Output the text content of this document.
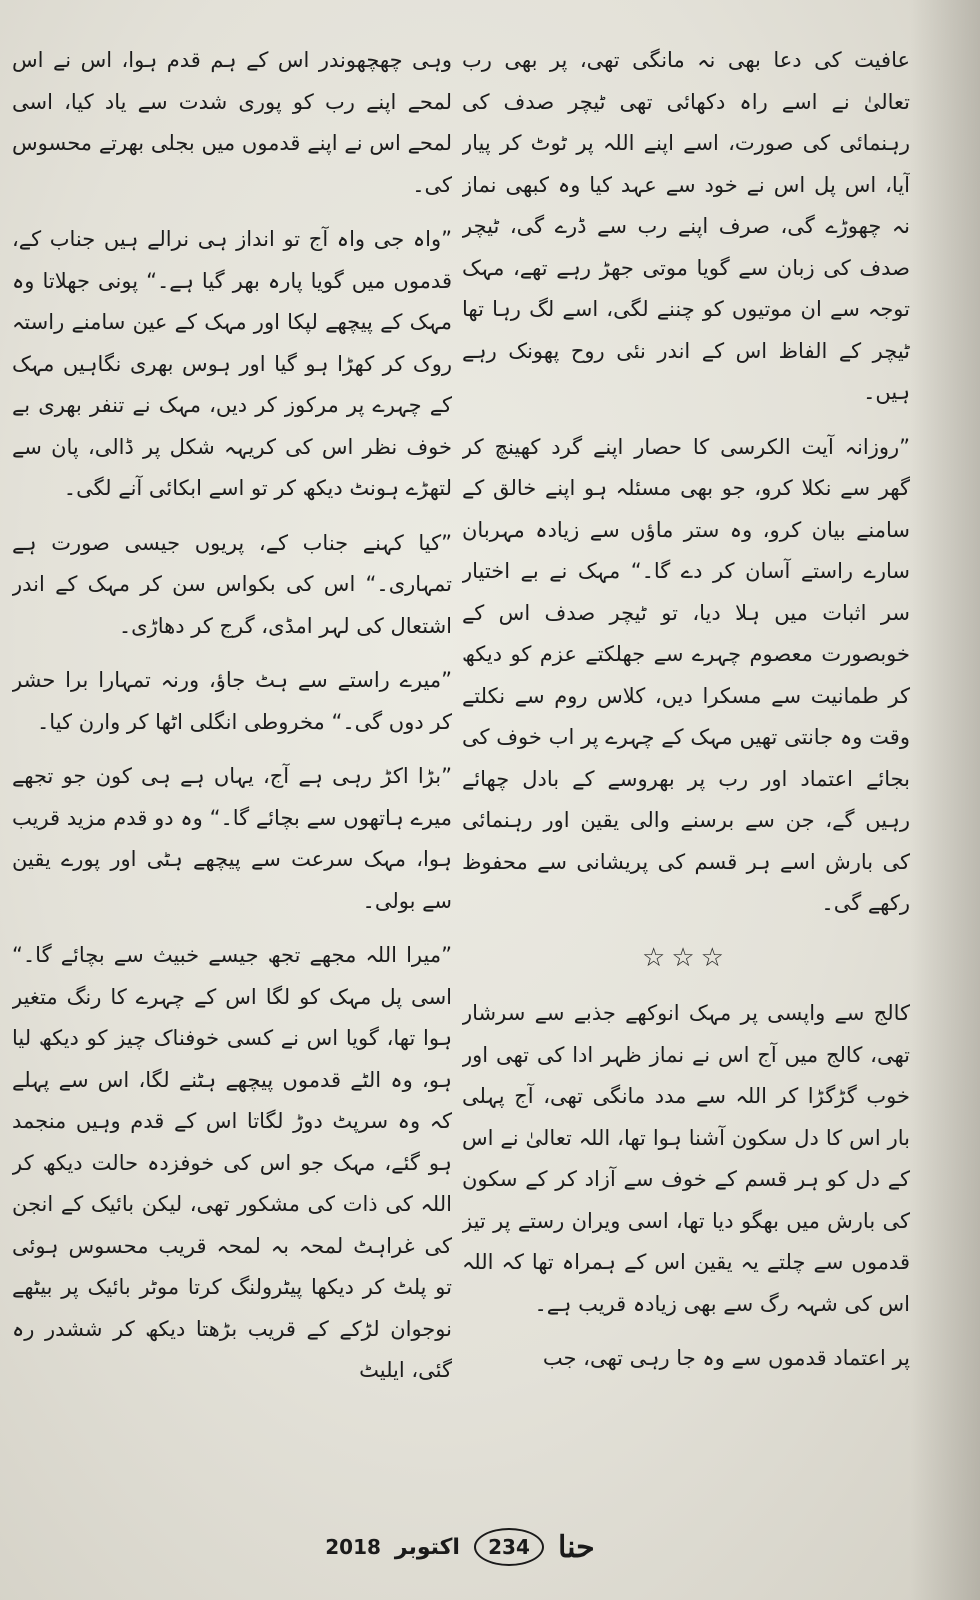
عافیت کی دعا بھی نہ مانگی تھی، پر بھی رب تعالیٰ نے اسے راہ دکھائی تھی ٹیچر صدف کی رہنمائی کی صورت، اسے اپنے اللہ پر ٹوٹ کر پیار آیا، اس پل اس نے خود سے عہد کیا وہ کبھی نماز نہ چھوڑے گی، صرف اپنے رب سے ڈرے گی، ٹیچر صدف کی زبان سے گویا موتی جھڑ رہے تھے، مہک توجہ سے ان موتیوں کو چننے لگی، اسے لگ رہا تھا ٹیچر کے الفاظ اس کے اندر نئی روح پھونک رہے ہیں۔

”روزانہ آیت الکرسی کا حصار اپنے گرد کھینچ کر گھر سے نکلا کرو، جو بھی مسئلہ ہو اپنے خالق کے سامنے بیان کرو، وہ ستر ماؤں سے زیادہ مہربان سارے راستے آسان کر دے گا۔“ مہک نے بے اختیار سر اثبات میں ہلا دیا، تو ٹیچر صدف اس کے خوبصورت معصوم چہرے سے جھلکتے عزم کو دیکھ کر طمانیت سے مسکرا دیں، کلاس روم سے نکلتے وقت وہ جانتی تھیں مہک کے چہرے پر اب خوف کی بجائے اعتماد اور رب پر بھروسے کے بادل چھائے رہیں گے، جن سے برسنے والی یقین اور رہنمائی کی بارش اسے ہر قسم کی پریشانی سے محفوظ رکھے گی۔

☆☆☆

کالج سے واپسی پر مہک انوکھے جذبے سے سرشار تھی، کالج میں آج اس نے نماز ظہر ادا کی تھی اور خوب گڑگڑا کر اللہ سے مدد مانگی تھی، آج پہلی بار اس کا دل سکون آشنا ہوا تھا، اللہ تعالیٰ نے اس کے دل کو ہر قسم کے خوف سے آزاد کر کے سکون کی بارش میں بھگو دیا تھا، اسی ویران رستے پر تیز قدموں سے چلتے یہ یقین اس کے ہمراہ تھا کہ اللہ اس کی شہہ رگ سے بھی زیادہ قریب ہے۔

پر اعتماد قدموں سے وہ جا رہی تھی، جب

وہی چھچھوندر اس کے ہم قدم ہوا، اس نے اس لمحے اپنے رب کو پوری شدت سے یاد کیا، اسی لمحے اس نے اپنے قدموں میں بجلی بھرتے محسوس کی۔

”واہ جی واہ آج تو انداز ہی نرالے ہیں جناب کے، قدموں میں گویا پارہ بھر گیا ہے۔“ پونی جھلاتا وہ مہک کے پیچھے لپکا اور مہک کے عین سامنے راستہ روک کر کھڑا ہو گیا اور ہوس بھری نگاہیں مہک کے چہرے پر مرکوز کر دیں، مہک نے تنفر بھری بے خوف نظر اس کی کریہہ شکل پر ڈالی، پان سے لتھڑے ہونٹ دیکھ کر تو اسے ابکائی آنے لگی۔

”کیا کہنے جناب کے، پریوں جیسی صورت ہے تمہاری۔“ اس کی بکواس سن کر مہک کے اندر اشتعال کی لہر امڈی، گرج کر دھاڑی۔

”میرے راستے سے ہٹ جاؤ، ورنہ تمہارا برا حشر کر دوں گی۔“ مخروطی انگلی اٹھا کر وارن کیا۔

”بڑا اکڑ رہی ہے آج، یہاں ہے ہی کون جو تجھے میرے ہاتھوں سے بچائے گا۔“ وہ دو قدم مزید قریب ہوا، مہک سرعت سے پیچھے ہٹی اور پورے یقین سے بولی۔

”میرا اللہ مجھے تجھ جیسے خبیث سے بچائے گا۔“ اسی پل مہک کو لگا اس کے چہرے کا رنگ متغیر ہوا تھا، گویا اس نے کسی خوفناک چیز کو دیکھ لیا ہو، وہ الٹے قدموں پیچھے ہٹنے لگا، اس سے پہلے کہ وہ سرپٹ دوڑ لگاتا اس کے قدم وہیں منجمد ہو گئے، مہک جو اس کی خوفزدہ حالت دیکھ کر اللہ کی ذات کی مشکور تھی، لیکن بائیک کے انجن کی غراہٹ لمحہ بہ لمحہ قریب محسوس ہوئی تو پلٹ کر دیکھا پیٹرولنگ کرتا موٹر بائیک پر بیٹھے نوجوان لڑکے کے قریب بڑھتا دیکھ کر ششدر رہ گئی، ایلیٹ

2018 اکتوبر	234 حنا
